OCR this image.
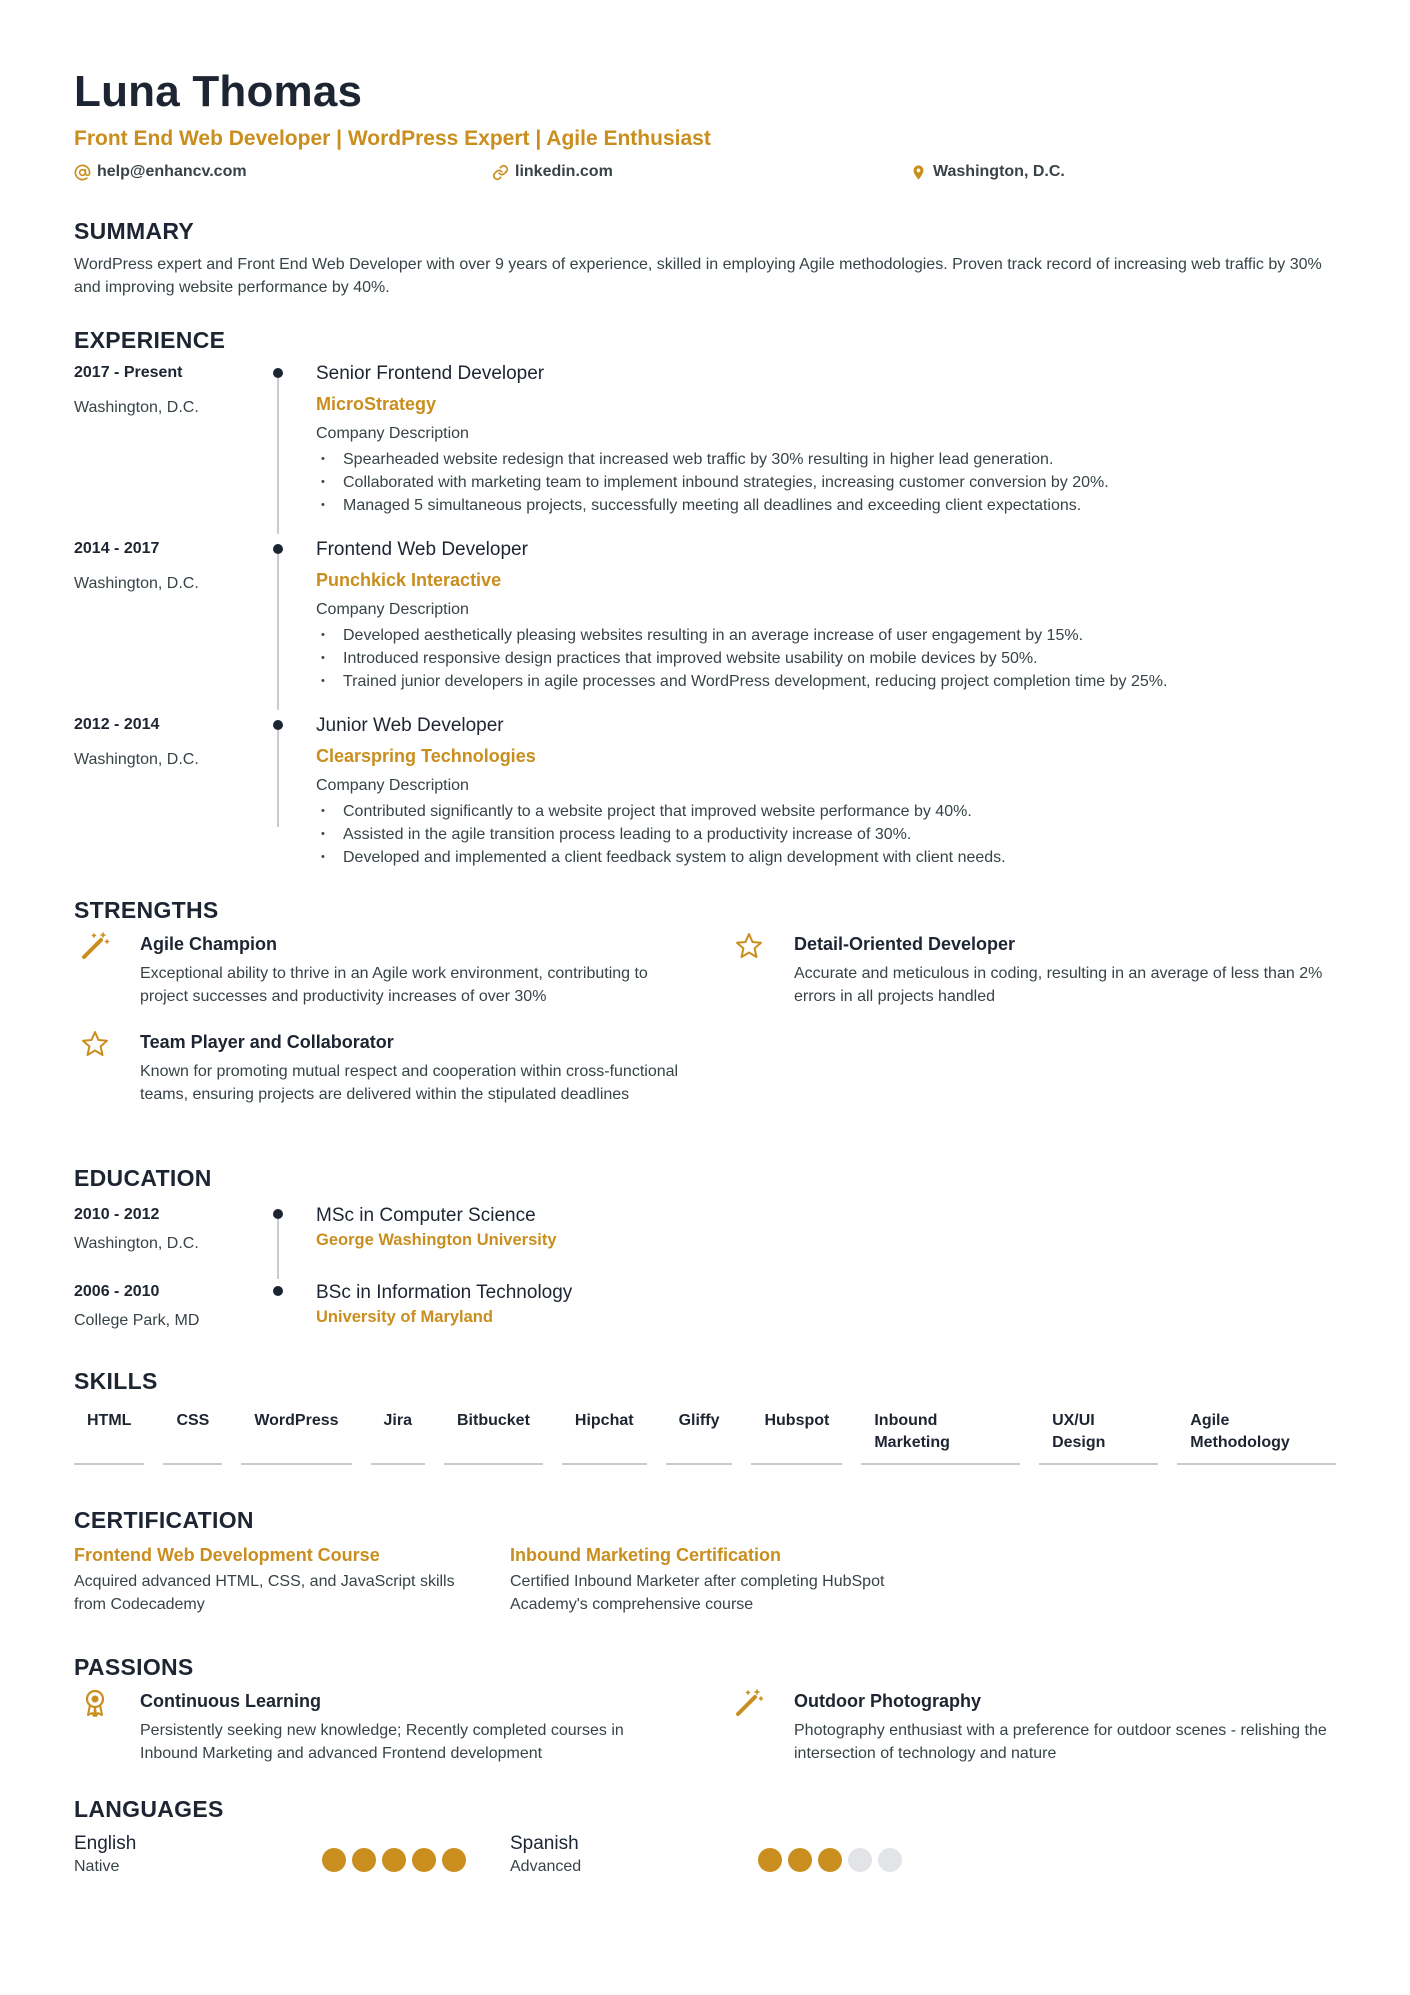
Luna Thomas
Front End Web Developer | WordPress Expert | Agile Enthusiast
help@enhancv.com	linkedin.com	Washington, D.C.
SUMMARY
WordPress expert and Front End Web Developer with over 9 years of experience, skilled in employing Agile methodologies. Proven track record of increasing web traffic by 30% and improving website performance by 40%.
EXPERIENCE
2017 - Present
Washington, D.C.
Senior Frontend Developer
MicroStrategy
Company Description
• Spearheaded website redesign that increased web traffic by 30% resulting in higher lead generation.
• Collaborated with marketing team to implement inbound strategies, increasing customer conversion by 20%.
• Managed 5 simultaneous projects, successfully meeting all deadlines and exceeding client expectations.
2014 - 2017
Washington, D.C.
Frontend Web Developer
Punchkick Interactive
Company Description
• Developed aesthetically pleasing websites resulting in an average increase of user engagement by 15%.
• Introduced responsive design practices that improved website usability on mobile devices by 50%.
• Trained junior developers in agile processes and WordPress development, reducing project completion time by 25%.
2012 - 2014
Washington, D.C.
Junior Web Developer
Clearspring Technologies
Company Description
• Contributed significantly to a website project that improved website performance by 40%.
• Assisted in the agile transition process leading to a productivity increase of 30%.
• Developed and implemented a client feedback system to align development with client needs.
STRENGTHS
Agile Champion
Exceptional ability to thrive in an Agile work environment, contributing to project successes and productivity increases of over 30%
Detail-Oriented Developer
Accurate and meticulous in coding, resulting in an average of less than 2% errors in all projects handled
Team Player and Collaborator
Known for promoting mutual respect and cooperation within cross-functional teams, ensuring projects are delivered within the stipulated deadlines
EDUCATION
2010 - 2012
Washington, D.C.
MSc in Computer Science
George Washington University
2006 - 2010
College Park, MD
BSc in Information Technology
University of Maryland
SKILLS
HTML	CSS	WordPress	Jira	Bitbucket	Hipchat	Gliffy	Hubspot	Inbound Marketing
UX/UI Design
Agile Methodology
CERTIFICATION
Frontend Web Development Course
Acquired advanced HTML, CSS, and JavaScript skills from Codecademy
Inbound Marketing Certification
Certified Inbound Marketer after completing HubSpot Academy's comprehensive course
PASSIONS
Continuous Learning
Persistently seeking new knowledge; Recently completed courses in Inbound Marketing and advanced Frontend development
Outdoor Photography
Photography enthusiast with a preference for outdoor scenes - relishing the intersection of technology and nature
LANGUAGES
English
Native
Spanish
Advanced
